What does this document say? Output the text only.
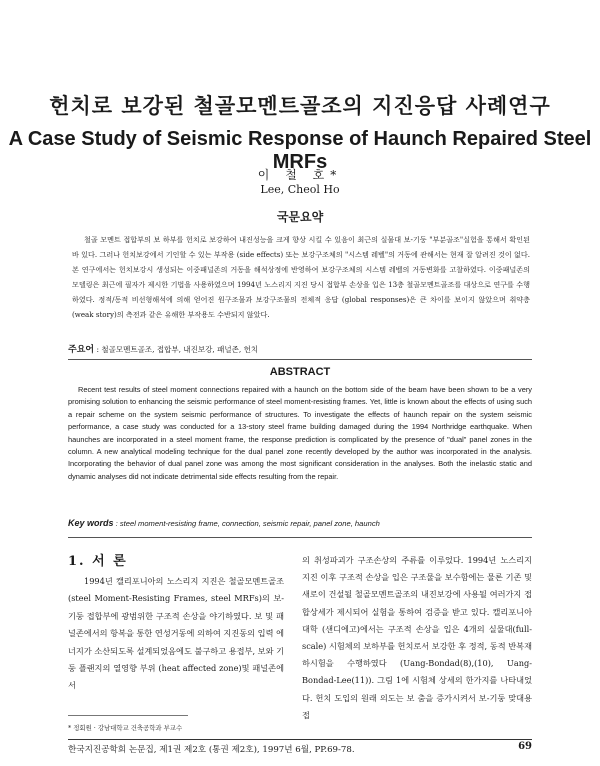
헌치로 보강된 철골모멘트골조의 지진응답 사례연구
A Case Study of Seismic Response of Haunch Repaired Steel MRFs
이 철 호*
Lee, Cheol Ho
국문요약
철골 모멘트 접합부의 보 하부를 헌치로 보강하여 내진성능을 크게 향상 시킬 수 있음이 최근의 실물대 보-기둥 "부분골조"실험을 통해서 확인된 바 있다. 그러나 헌치보강에서 기인할 수 있는 부작용 (side effects) 또는 보강구조체의 "시스템 레벨"의 거동에 관해서는 현재 잘 알려진 것이 없다. 본 연구에서는 헌치보강시 생성되는 이중패널존의 거동을 해석상정에 반영하여 보강구조체의 시스템 레벨의 거동변화를 고찰하였다. 이중패널존의 모델링은 최근에 필자가 제시한 기법을 사용하였으며 1994년 노스리지 지진 당시 접합부 손상을 입은 13층 철골모멘트골조를 대상으로 연구를 수행하였다. 정적/동적 비선형해석에 의해 얻어진 원구조물과 보강구조물의 전체적 응답 (global responses)은 큰 차이를 보이지 않았으며 취약층 (weak story)의 측전과 같은 유해한 부작용도 수반되지 않았다.
주요어 : 철골모멘트골조, 접합부, 내진보강, 패널존, 헌치
ABSTRACT
Recent test results of steel moment connections repaired with a haunch on the bottom side of the beam have been shown to be a very promising solution to enhancing the seismic performance of steel moment-resisting frames. Yet, little is known about the effects of using such a repair scheme on the system seismic performance of structures. To investigate the effects of haunch repair on the system seismic performance, a case study was conducted for a 13-story steel frame building damaged during the 1994 Northridge earthquake. When haunches are incorporated in a steel moment frame, the response prediction is complicated by the presence of "dual" panel zones in the column. A new analytical modeling technique for the dual panel zone recently developed by the author was incorporated in the analysis. Incorporating the behavior of dual panel zone was among the most significant consideration in the analyses. Both the inelastic static and dynamic analyses did not indicate detrimental side effects resulting from the repair.
Key words : steel moment-resisting frame, connection, seismic repair, panel zone, haunch
1. 서 론
1994년 캘리포니아의 노스리지 지진은 철골모멘트골조(steel Moment-Resisting Frames, steel MRFs)의 보-기둥 접합부에 광범위한 구조적 손상을 야기하였다. 보 및 패널존에서의 항복을 통한 연성거동에 의하여 지진동의 입력 에너지가 소산되도록 설계되었음에도 불구하고 용접부, 보와 기둥 플랜지의 열영향 부위 (heat affected zone)및 패널존에서
의 취성파괴가 구조손상의 주류를 이루었다. 1994년 노스리지 지진 이후 구조적 손상을 입은 구조물을 보수함에는 물론 기존 및 새로이 건설될 철골모멘트골조의 내진보강에 사용될 여러가지 접합상세가 제시되어 실험을 통하여 검증을 받고 있다. 캘리포니아 대학 (샌디에고)에서는 구조적 손상을 입은 4개의 실물대(full-scale) 시험체의 보하부를 헌치로서 보강한 후 정적, 동적 반복재하시험을 수행하였다 (Uang-Bondad(8),(10), Uang-Bondad-Lee(11)). 그림 1에 시험체 상세의 한가지를 나타내었다. 헌치 도입의 원래 의도는 보 춤을 증가시켜서 보-기둥 맞대용접
* 정회원 · 강남대학교 건축공학과 부교수
한국지진공학회 논문집, 제1권 제2호 (통권 제2호), 1997년 6월, PP.69-78.	69
